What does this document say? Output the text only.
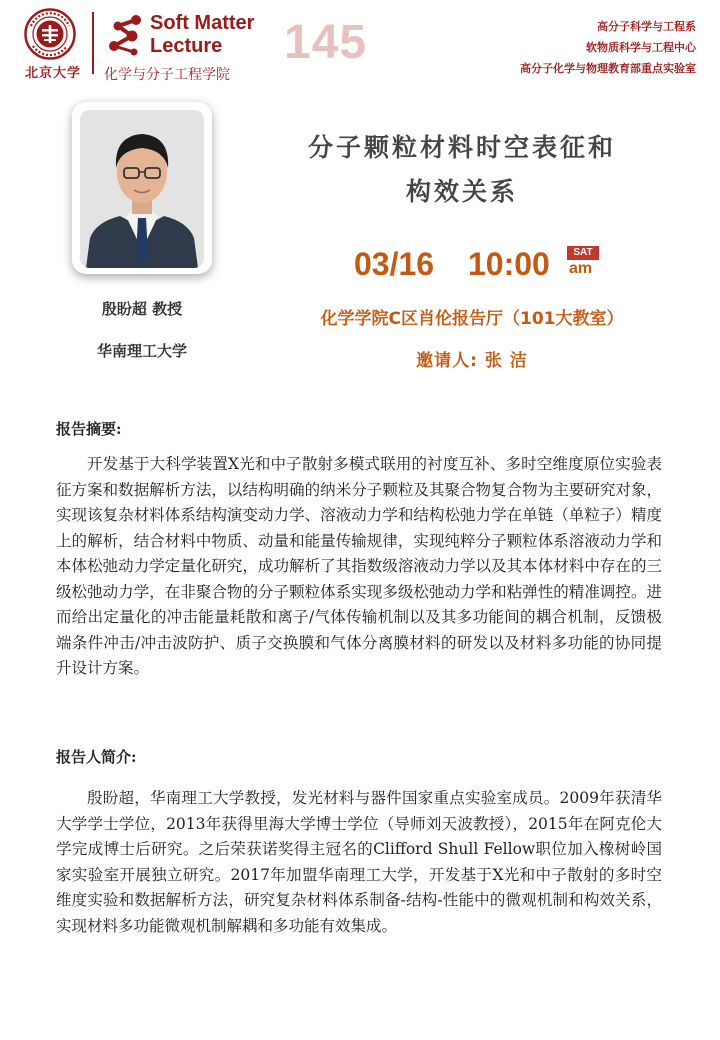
北京大学
Soft Matter
Lecture	145
化学与分子工程学院
高分子科学与工程系
软物质科学与工程中心
高分子化学与物理教育部重点实验室
殷盼超 教授
华南理工大学
分子颗粒材料时空表征和
构效关系
03/16 10:00	SAT
am
化学学院C区肖伦报告厅（101大教室）
邀请人: 张 洁
报告摘要:

开发基于大科学装置X光和中子散射多模式联用的衬度互补、多时空维度原位实验表征方案和数据解析方法，以结构明确的纳米分子颗粒及其聚合物复合物为主要研究对象，实现该复杂材料体系结构演变动力学、溶液动力学和结构松弛力学在单链（单粒子）精度上的解析，结合材料中物质、动量和能量传输规律，实现纯粹分子颗粒体系溶液动力学和本体松弛动力学定量化研究，成功解析了其指数级溶液动力学以及其本体材料中存在的三级松弛动力学，在非聚合物的分子颗粒体系实现多级松弛动力学和粘弹性的精准调控。进而给出定量化的冲击能量耗散和离子/气体传输机制以及其多功能间的耦合机制，反馈极端条件冲击/冲击波防护、质子交换膜和气体分离膜材料的研发以及材料多功能的协同提升设计方案。

报告人简介:

殷盼超，华南理工大学教授，发光材料与器件国家重点实验室成员。2009年获清华大学学士学位，2013年获得里海大学博士学位（导师刘天波教授），2015年在阿克伦大学完成博士后研究。之后荣获诺奖得主冠名的Clifford Shull Fellow职位加入橡树岭国家实验室开展独立研究。2017年加盟华南理工大学，开发基于X光和中子散射的多时空维度实验和数据解析方法，研究复杂材料体系制备-结构-性能中的微观机制和构效关系，实现材料多功能微观机制解耦和多功能有效集成。
